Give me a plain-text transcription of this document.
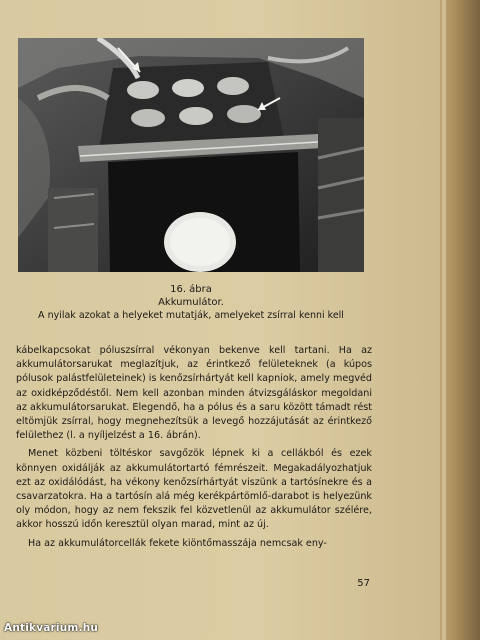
16. ábra
Akkumulátor.
A nyilak azokat a helyeket mutatják, amelyeket zsírral kenni kell

kábelkapcsokat póluszsírral vékonyan bekenve kell tartani. Ha az akkumulátorsarukat meglazítjuk, az érintkező felületeknek (a kúpos pólusok palástfelületeinek) is kenőzsírhártyát kell kapniok, amely megvéd az oxidképződéstől. Nem kell azonban minden átvizsgáláskor megoldani az akkumulátorsarukat. Elegendő, ha a pólus és a saru között támadt rést eltömjük zsírral, hogy megnehezítsük a levegő hozzájutását az érintkező felülethez (l. a nyíljelzést a 16. ábrán).

Menet közbeni töltéskor savgőzök lépnek ki a cellákból és ezek könnyen oxidálják az akkumulátortartó fémrészeit. Megakadályozhatjuk ezt az oxidálódást, ha vékony kenőzsírhártyát viszünk a tartósínekre és a csavarzatokra. Ha a tartósín alá még kerékpártömlő-darabot is helyezünk oly módon, hogy az nem fekszik fel közvetlenül az akkumulátor szélére, akkor hosszú időn keresztül olyan marad, mint az új.

Ha az akkumulátorcellák fekete kiöntőmasszája nemcsak eny-

57
Antikvarium.hu
